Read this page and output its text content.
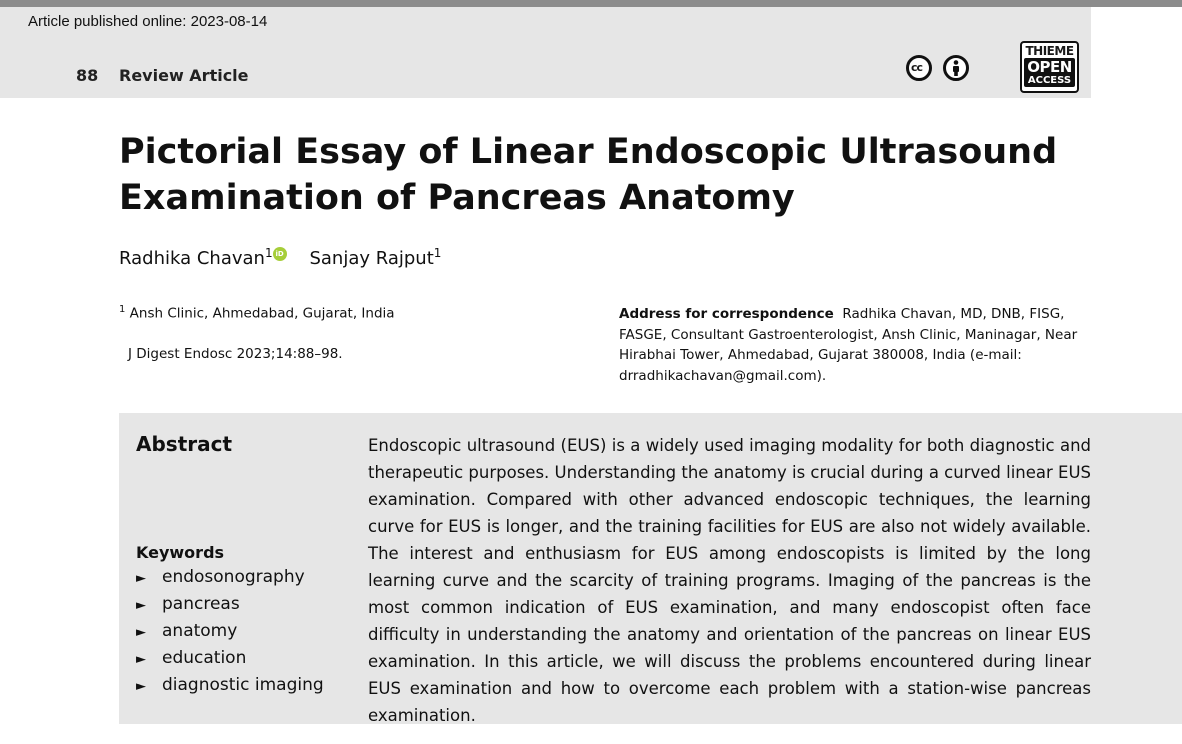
Article published online: 2023-08-14
88 Review Article	cc
THIEME
OPEN
ACCESS
Pictorial Essay of Linear Endoscopic Ultrasound Examination of Pancreas Anatomy
Radhika Chavan$^1$ iD Sanjay Rajput$^1$
$^1$ Ansh Clinic, Ahmedabad, Gujarat, India
J Digest Endosc 2023;14:88–98.
Address for correspondence Radhika Chavan, MD, DNB, FISG, FASGE, Consultant Gastroenterologist, Ansh Clinic, Maninagar, Near Hirabhai Tower, Ahmedabad, Gujarat 380008, India (e-mail: drradhikachavan@gmail.com).
Abstract
Keywords
► endosonography
► pancreas
► anatomy
► education
► diagnostic imaging

Endoscopic ultrasound (EUS) is a widely used imaging modality for both diagnostic and therapeutic purposes. Understanding the anatomy is crucial during a curved linear EUS examination. Compared with other advanced endoscopic techniques, the learning curve for EUS is longer, and the training facilities for EUS are also not widely available. The interest and enthusiasm for EUS among endoscopists is limited by the long learning curve and the scarcity of training programs. Imaging of the pancreas is the most common indication of EUS examination, and many endoscopist often face difficulty in understanding the anatomy and orientation of the pancreas on linear EUS examination. In this article, we will discuss the problems encountered during linear EUS examination and how to overcome each problem with a station-wise pancreas examination.
